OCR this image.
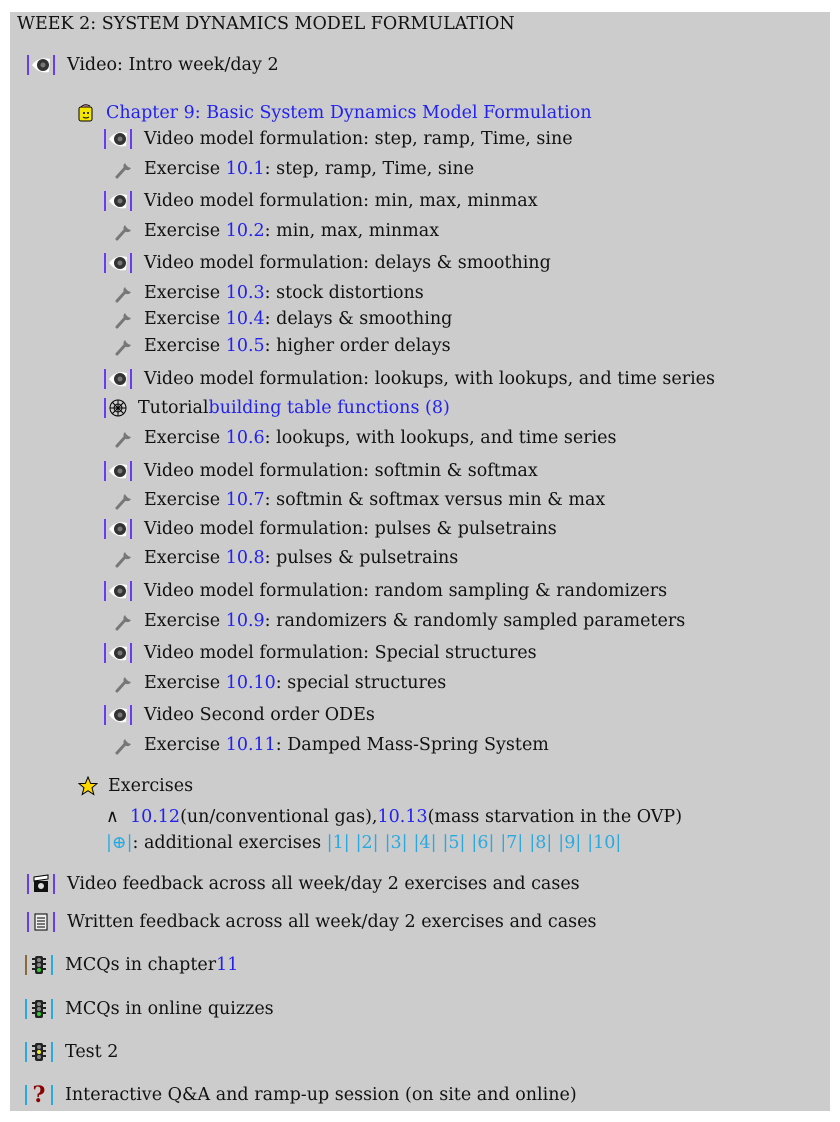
WEEK 2: SYSTEM DYNAMICS MODEL FORMULATION
Video: Intro week/day 2
Chapter 9: Basic System Dynamics Model Formulation
Video model formulation: step, ramp, Time, sine
Exercise
10.1 : step, ramp, Time, sine
Video model formulation: min, max, minmax
Exercise
10.2 : min, max, minmax
Video model formulation: delays & smoothing
Exercise
10.3 : stock distortions
Exercise
10.4 : delays & smoothing
Exercise
10.5 : higher order delays
Video model formulation: lookups, with lookups, and time series
Tutorial building table functions (8)
Exercise
10.6 : lookups, with lookups, and time series
Video model formulation: softmin & softmax
Exercise
10.7 : softmin & softmax versus min & max
Video model formulation: pulses & pulsetrains
Exercise
10.8 : pulses & pulsetrains
Video model formulation: random sampling & randomizers
Exercise
10.9 : randomizers & randomly sampled parameters
Video model formulation: Special structures
Exercise
10.10 : special structures
Video Second order ODEs
Exercise
10.11 : Damped Mass-Spring System
Exercises
∧
10.12 (un/conventional gas), 10.13 (mass starvation in the OVP)
|⊕| : additional exercises
|1| |2| |3| |4| |5| |6| |7| |8| |9| |10|
Video feedback across all week/day 2 exercises and cases
Written feedback across all week/day 2 exercises and cases
MCQs in chapter 11
MCQs in online quizzes
Test 2
? Interactive Q&A and ramp-up session (on site and online)
